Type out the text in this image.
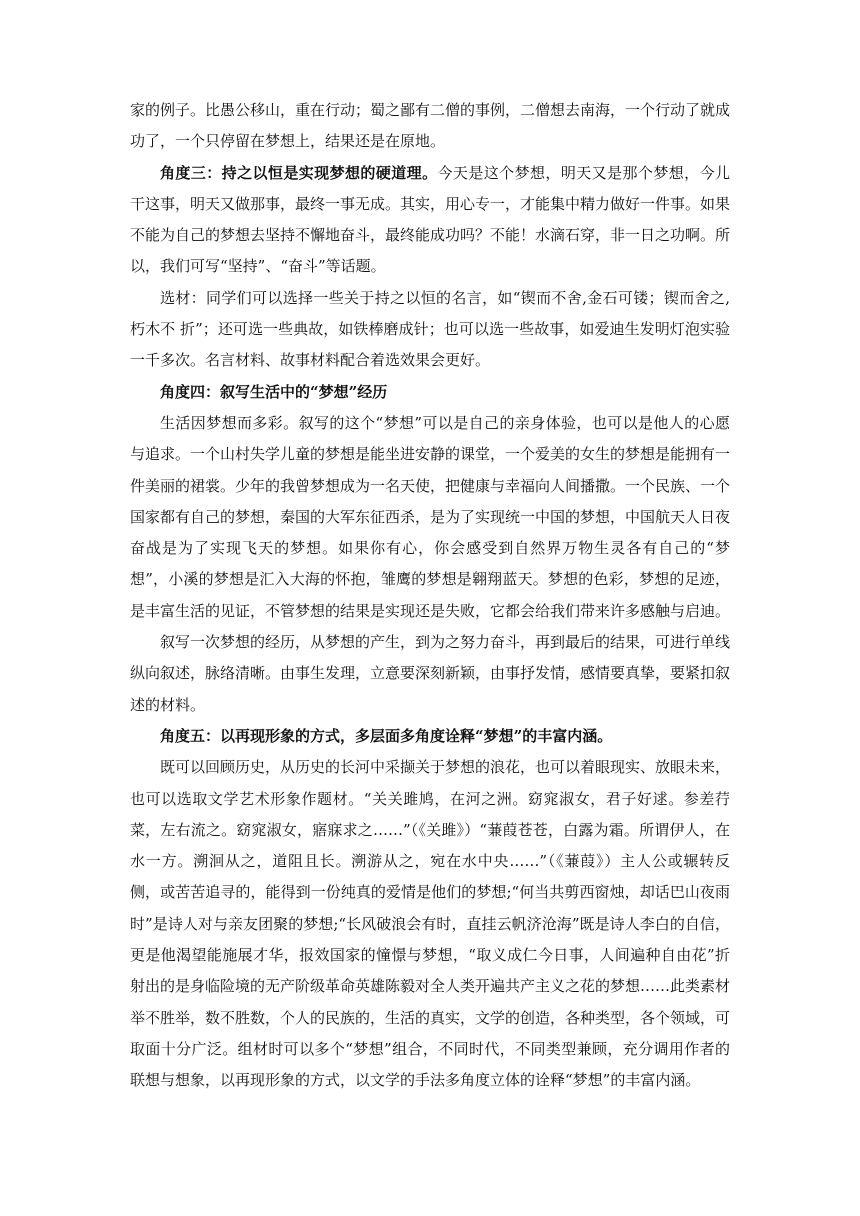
家的例子。比愚公移山，重在行动；蜀之鄙有二僧的事例，二僧想去南海，一个行动了就成功了，一个只停留在梦想上，结果还是在原地。

角度三：持之以恒是实现梦想的硬道理。今天是这个梦想，明天又是那个梦想，今儿干这事，明天又做那事，最终一事无成。其实，用心专一，才能集中精力做好一件事。如果不能为自己的梦想去坚持不懈地奋斗，最终能成功吗？不能！水滴石穿，非一日之功啊。所以，我们可写“坚持”、“奋斗”等话题。

选材：同学们可以选择一些关于持之以恒的名言，如“锲而不舍,金石可镂；锲而舍之,朽木不 折”；还可选一些典故，如铁棒磨成针；也可以选一些故事，如爱迪生发明灯泡实验一千多次。名言材料、故事材料配合着选效果会更好。

角度四：叙写生活中的“梦想”经历

生活因梦想而多彩。叙写的这个“梦想”可以是自己的亲身体验，也可以是他人的心愿与追求。一个山村失学儿童的梦想是能坐进安静的课堂，一个爱美的女生的梦想是能拥有一件美丽的裙裳。少年的我曾梦想成为一名天使，把健康与幸福向人间播撒。一个民族、一个国家都有自己的梦想，秦国的大军东征西杀，是为了实现统一中国的梦想，中国航天人日夜奋战是为了实现飞天的梦想。如果你有心，你会感受到自然界万物生灵各有自己的“梦想”，小溪的梦想是汇入大海的怀抱，雏鹰的梦想是翱翔蓝天。梦想的色彩，梦想的足迹，是丰富生活的见证，不管梦想的结果是实现还是失败，它都会给我们带来许多感触与启迪。

叙写一次梦想的经历，从梦想的产生，到为之努力奋斗，再到最后的结果，可进行单线纵向叙述，脉络清晰。由事生发理，立意要深刻新颖，由事抒发情，感情要真挚，要紧扣叙述的材料。

角度五：以再现形象的方式，多层面多角度诠释“梦想”的丰富内涵。

既可以回顾历史，从历史的长河中采撷关于梦想的浪花，也可以着眼现实、放眼未来，也可以选取文学艺术形象作题材。“关关雎鸠，在河之洲。窈窕淑女，君子好逑。参差荇菜，左右流之。窈窕淑女，寤寐求之……”（《关雎》）“蒹葭苍苍，白露为霜。所谓伊人，在水一方。溯洄从之，道阻且长。溯游从之，宛在水中央……”（《蒹葭》）主人公或辗转反侧，或苦苦追寻的，能得到一份纯真的爱情是他们的梦想;“何当共剪西窗烛，却话巴山夜雨时”是诗人对与亲友团聚的梦想;“长风破浪会有时，直挂云帆济沧海”既是诗人李白的自信，更是他渴望能施展才华，报效国家的憧憬与梦想，“取义成仁今日事，人间遍种自由花”折射出的是身临险境的无产阶级革命英雄陈毅对全人类开遍共产主义之花的梦想……此类素材举不胜举，数不胜数，个人的民族的，生活的真实，文学的创造，各种类型，各个领域，可取面十分广泛。组材时可以多个“梦想”组合，不同时代，不同类型兼顾，充分调用作者的联想与想象，以再现形象的方式，以文学的手法多角度立体的诠释“梦想”的丰富内涵。
